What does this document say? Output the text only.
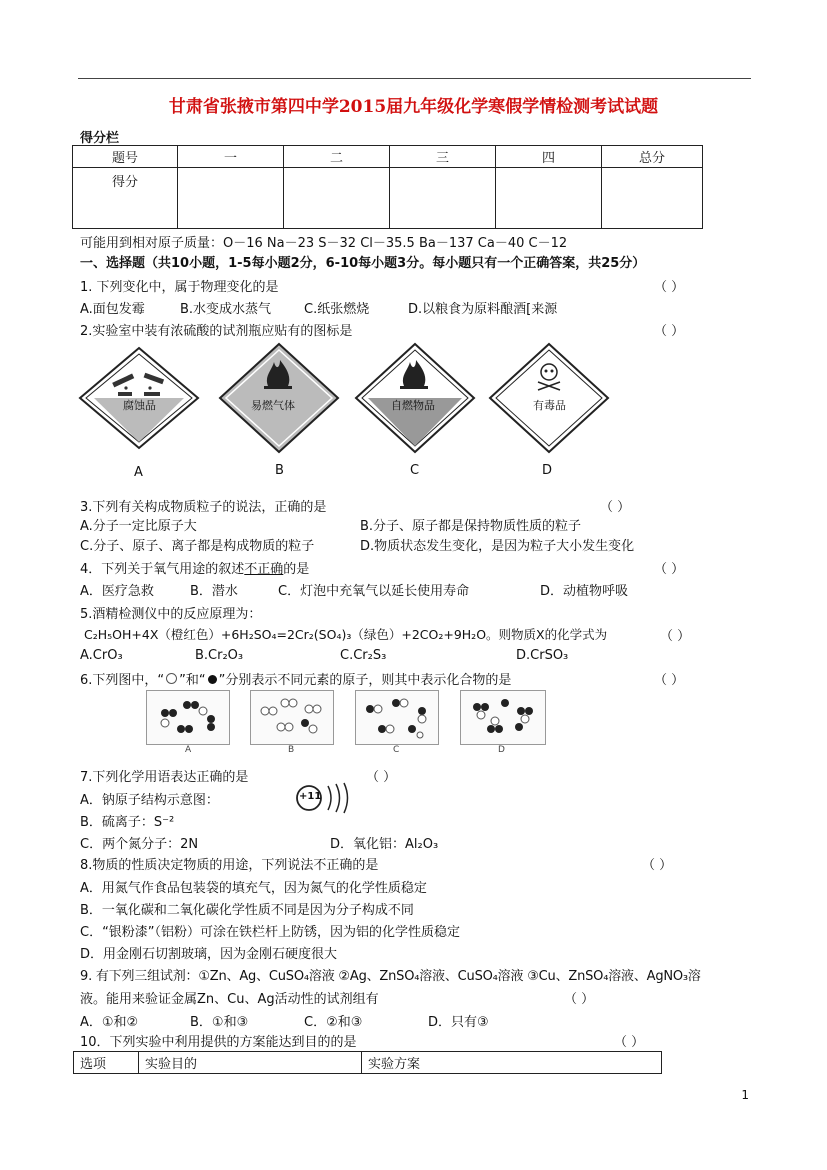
甘肃省张掖市第四中学2015届九年级化学寒假学情检测考试试题
得分栏
题号	一	二	三	四	总分
得分					
可能用到相对原子质量：O－16 Na－23 S－32 Cl－35.5 Ba－137 Ca－40 C－12
一、选择题（共10小题，1-5每小题2分，6-10每小题3分。每小题只有一个正确答案，共25分）
1. 下列变化中，属于物理变化的是	（ ）
A.面包发霉	B.水变成水蒸气	C.纸张燃烧	D.以粮食为原料酿酒[来源
2.实验室中装有浓硫酸的试剂瓶应贴有的图标是	（ ）
腐蚀品	易燃气体	自燃物品	有毒品
A	B	C	D
3.下列有关构成物质粒子的说法，正确的是	（ ）
A.分子一定比原子大	B.分子、原子都是保持物质性质的粒子
C.分子、原子、离子都是构成物质的粒子	D.物质状态发生变化，是因为粒子大小发生变化
4．下列关于氧气用途的叙述不正确的是	（ ）
A．医疗急救	B．潜水	C．灯泡中充氧气以延长使用寿命	D．动植物呼吸
5.酒精检测仪中的反应原理为：
C₂H₅OH+4X（橙红色）+6H₂SO₄=2Cr₂(SO₄)₃（绿色）+2CO₂+9H₂O。则物质X的化学式为	（ ）
A.CrO₃	B.Cr₂O₃	C.Cr₂S₃	D.CrSO₃
6.下列图中，“ ”和“ ”分别表示不同元素的原子，则其中表示化合物的是	（ ）
A	B	C	D
7.下列化学用语表达正确的是	（ ）
A．钠原子结构示意图：	+11
B．硫离子：S⁻²
C．两个氮分子：2N	D．氧化铝：Al₂O₃
8.物质的性质决定物质的用途，下列说法不正确的是	（ ）
A．用氮气作食品包装袋的填充气，因为氮气的化学性质稳定
B．一氧化碳和二氧化碳化学性质不同是因为分子构成不同
C．“银粉漆”（铝粉）可涂在铁栏杆上防锈，因为铝的化学性质稳定
D．用金刚石切割玻璃，因为金刚石硬度很大
9. 有下列三组试剂：①Zn、Ag、CuSO₄溶液 ②Ag、ZnSO₄溶液、CuSO₄溶液 ③Cu、ZnSO₄溶液、AgNO₃溶
液。能用来验证金属Zn、Cu、Ag活动性的试剂组有	（ ）
A．①和②	B．①和③	C．②和③	D．只有③
10．下列实验中利用提供的方案能达到目的的是	（ ）
选项	实验目的	实验方案
1
